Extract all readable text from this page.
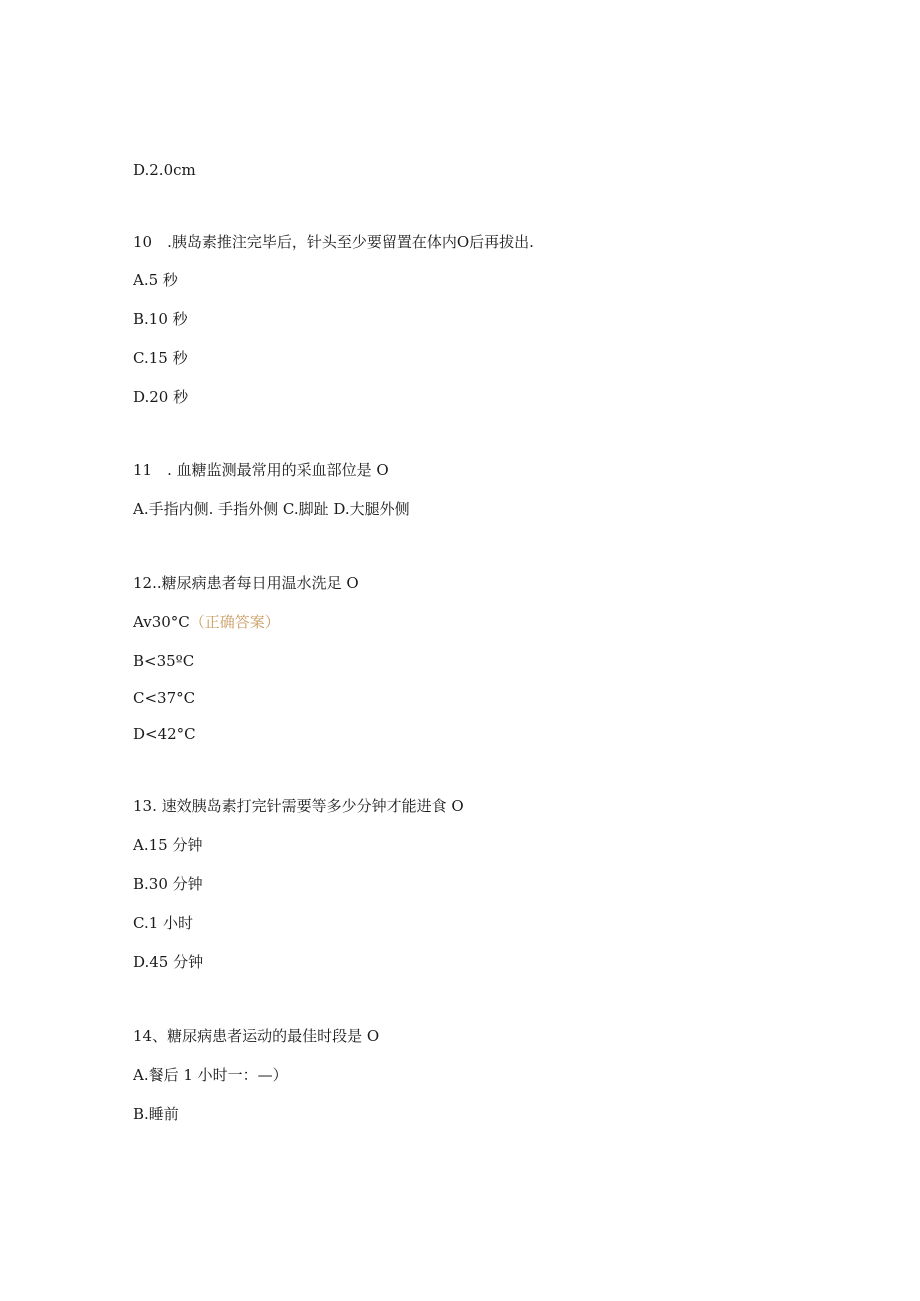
D.2.0cm
10　.胰岛素推注完毕后，针头至少要留置在体内O后再拔出.
A.5 秒
B.10 秒
C.15 秒
D.20 秒
11　. 血糖监测最常用的采血部位是 O
A.手指内侧. 手指外侧 C.脚趾 D.大腿外侧
12..糖尿病患者每日用温水洗足 O
Av30°C（正确答案）
B<35ºC
C<37°C
D<42°C
13. 速效胰岛素打完针需要等多少分钟才能进食 O
A.15 分钟
B.30 分钟
C.1 小时
D.45 分钟
14、糖尿病患者运动的最佳时段是 O
A.餐后 1 小时一：—）
B.睡前
